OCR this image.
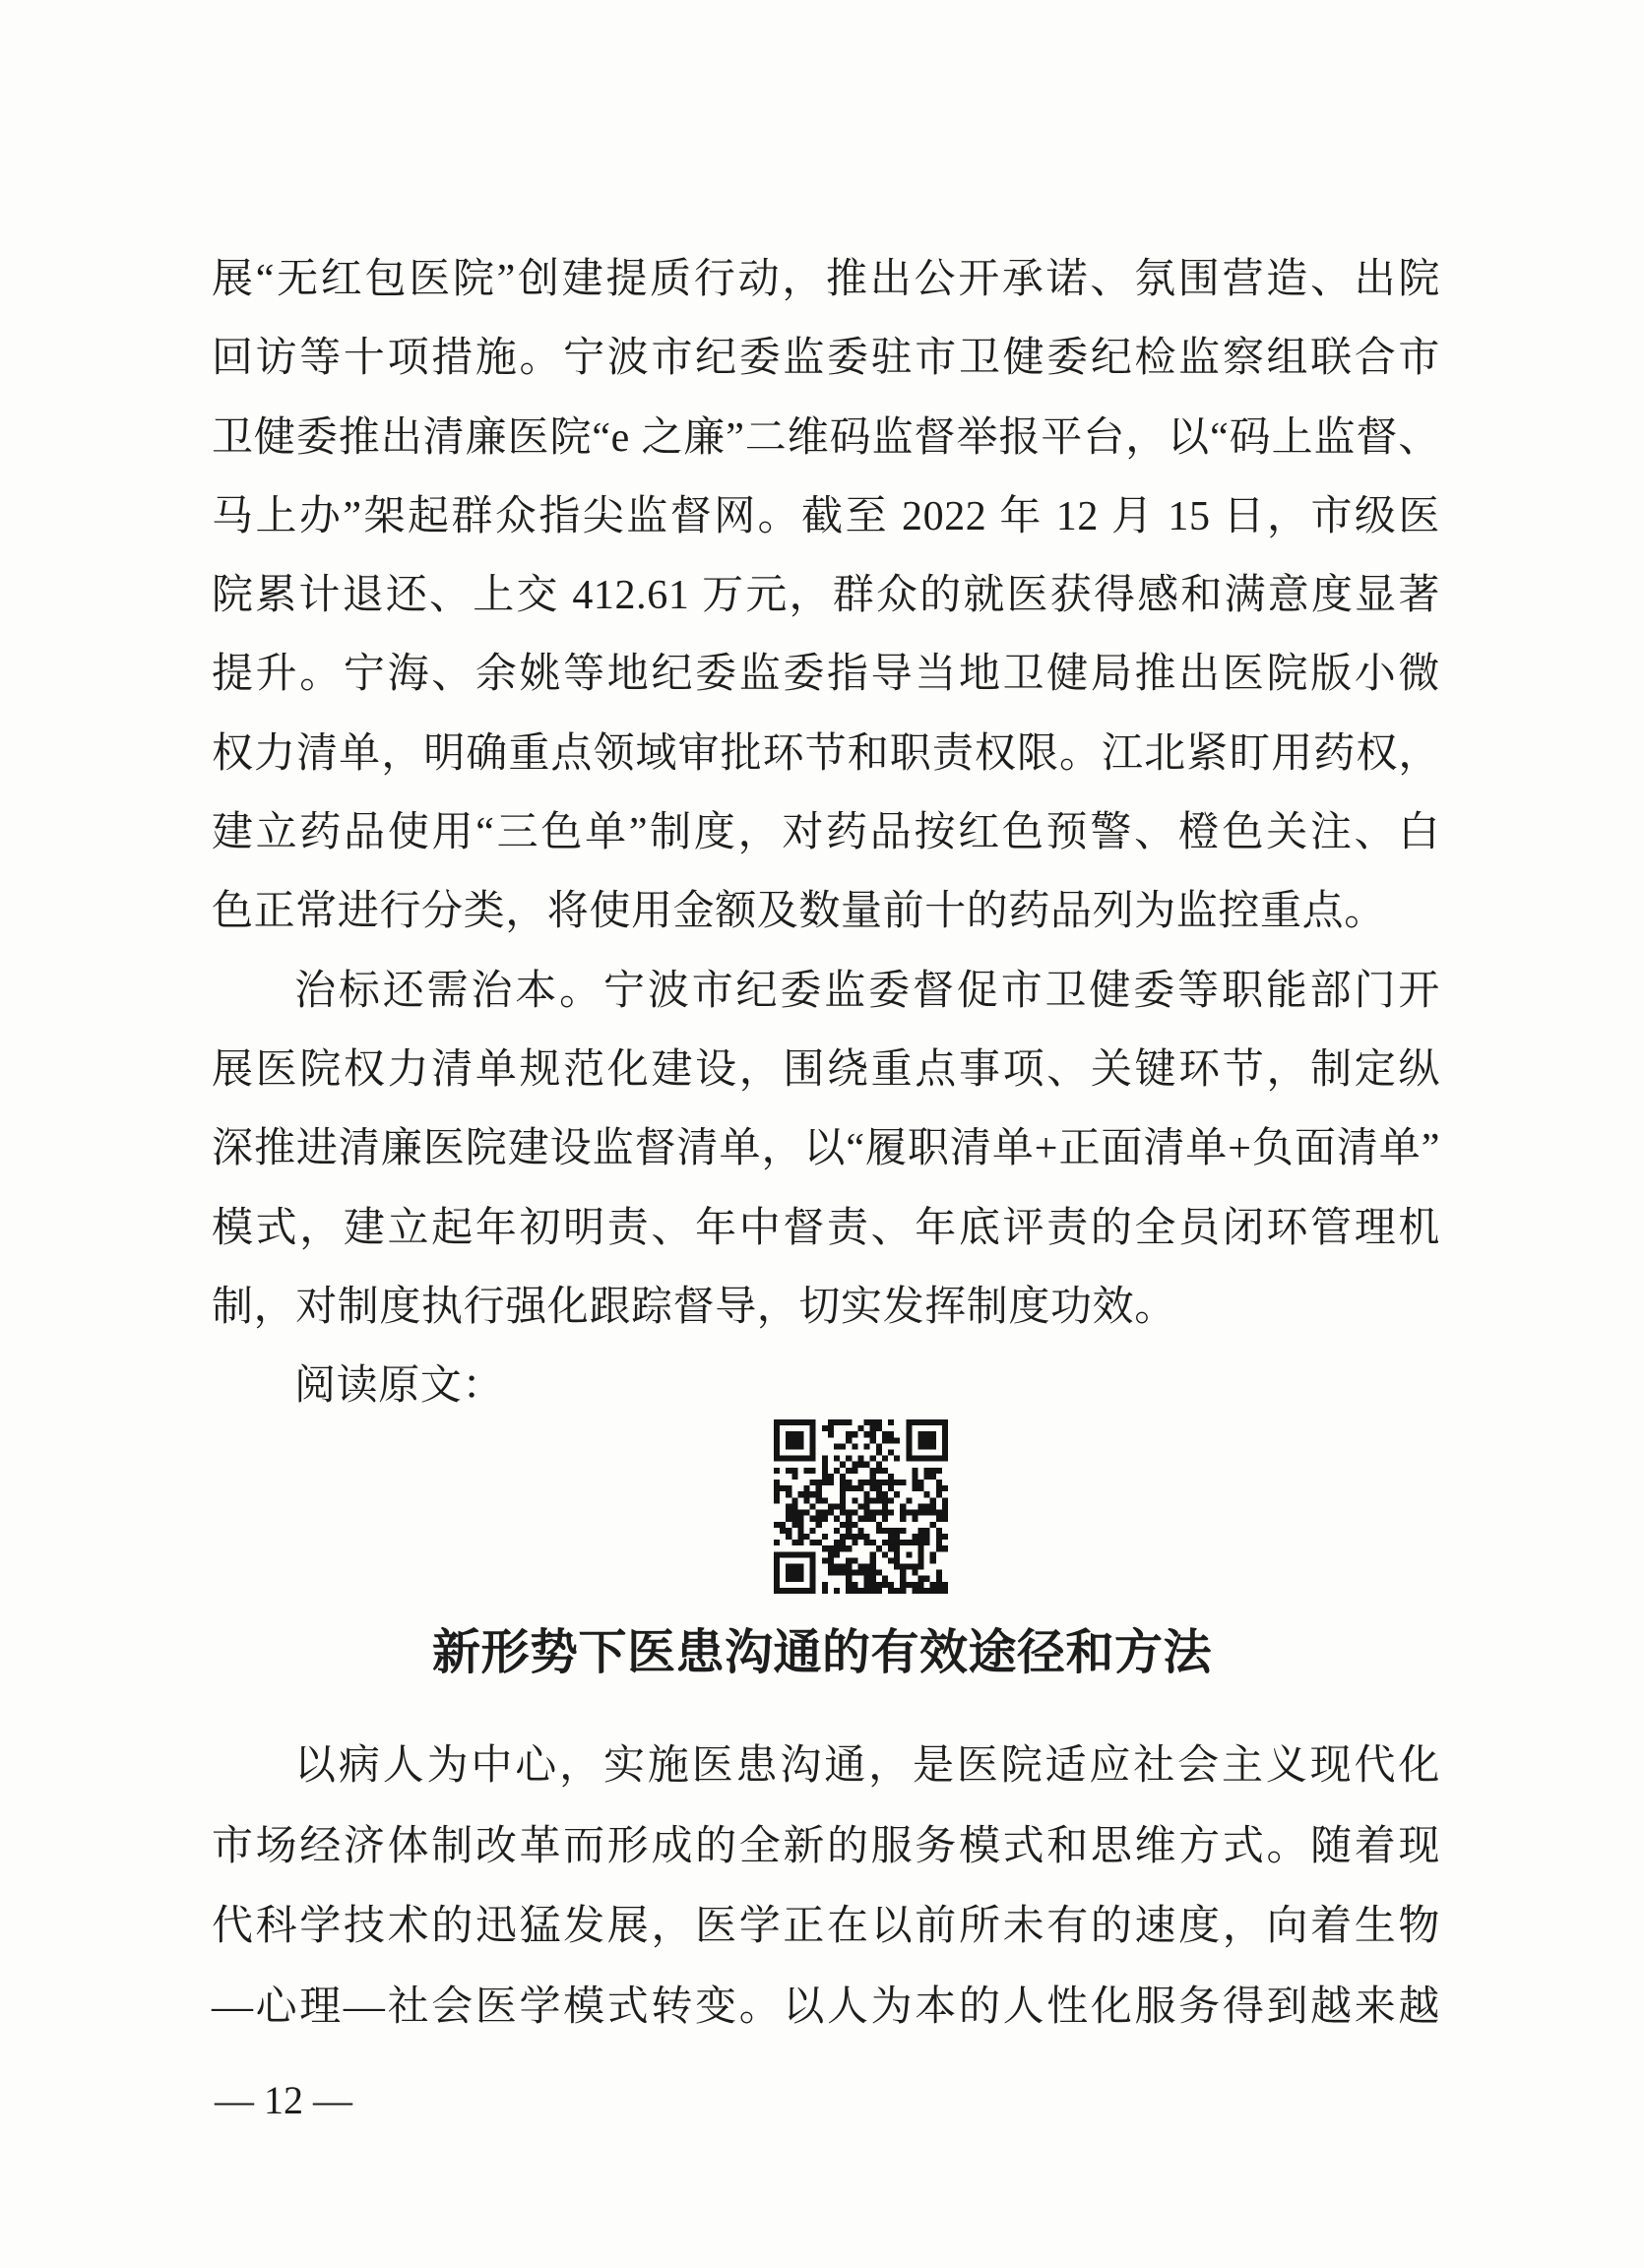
展“无红包医院”创建提质行动，推出公开承诺、氛围营造、出院
回访等十项措施。宁波市纪委监委驻市卫健委纪检监察组联合市
卫健委推出清廉医院“e 之廉”二维码监督举报平台，以“码上监督、
马上办”架起群众指尖监督网。截至 2022 年 12 月 15 日，市级医
院累计退还、上交 412.61 万元，群众的就医获得感和满意度显著
提升。宁海、余姚等地纪委监委指导当地卫健局推出医院版小微
权力清单，明确重点领域审批环节和职责权限。江北紧盯用药权，
建立药品使用“三色单”制度，对药品按红色预警、橙色关注、白
色正常进行分类，将使用金额及数量前十的药品列为监控重点。
治标还需治本。宁波市纪委监委督促市卫健委等职能部门开
展医院权力清单规范化建设，围绕重点事项、关键环节，制定纵
深推进清廉医院建设监督清单，以“履职清单+正面清单+负面清单”
模式，建立起年初明责、年中督责、年底评责的全员闭环管理机
制，对制度执行强化跟踪督导，切实发挥制度功效。
阅读原文：
新形势下医患沟通的有效途径和方法
以病人为中心，实施医患沟通，是医院适应社会主义现代化
市场经济体制改革而形成的全新的服务模式和思维方式。随着现
代科学技术的迅猛发展，医学正在以前所未有的速度，向着生物
—心理—社会医学模式转变。以人为本的人性化服务得到越来越
— 12 —
